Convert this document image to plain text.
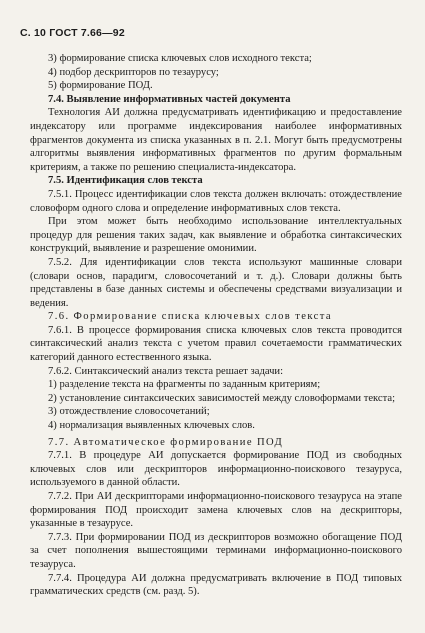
С. 10 ГОСТ 7.66—92

3) формирование списка ключевых слов исходного текста;

4) подбор дескрипторов по тезаурусу;

5) формирование ПОД.

7.4. Выявление информативных частей документа

Технология АИ должна предусматривать идентификацию и предоставление индексатору или программе индексирования наиболее информативных фрагментов документа из списка указанных в п. 2.1. Могут быть предусмотрены алгоритмы выявления информативных фрагментов по другим формальным критериям, а также по решению специалиста-индексатора.

7.5. Идентификация слов текста

7.5.1. Процесс идентификации слов текста должен включать: отождествление словоформ одного слова и определение информативных слов текста.

При этом может быть необходимо использование интеллектуальных процедур для решения таких задач, как выявление и обработка синтаксических конструкций, выявление и разрешение омонимии.

7.5.2. Для идентификации слов текста используют машинные словари (словари основ, парадигм, словосочетаний и т. д.). Словари должны быть представлены в базе данных системы и обеспечены средствами визуализации и ведения.

7.6. Формирование списка ключевых слов текста

7.6.1. В процессе формирования списка ключевых слов текста проводится синтаксический анализ текста с учетом правил сочетаемости грамматических категорий данного естественного языка.

7.6.2. Синтаксический анализ текста решает задачи:

1) разделение текста на фрагменты по заданным критериям;

2) установление синтаксических зависимостей между словоформами текста;

3) отождествление словосочетаний;

4) нормализация выявленных ключевых слов.

7.7. Автоматическое формирование ПОД

7.7.1. В процедуре АИ допускается формирование ПОД из свободных ключевых слов или дескрипторов информационно-поискового тезауруса, используемого в данной области.

7.7.2. При АИ дескрипторами информационно-поискового тезауруса на этапе формирования ПОД происходит замена ключевых слов на дескрипторы, указанные в тезаурусе.

7.7.3. При формировании ПОД из дескрипторов возможно обогащение ПОД за счет пополнения вышестоящими терминами информационно-поискового тезауруса.

7.7.4. Процедура АИ должна предусматривать включение в ПОД типовых грамматических средств (см. разд. 5).
